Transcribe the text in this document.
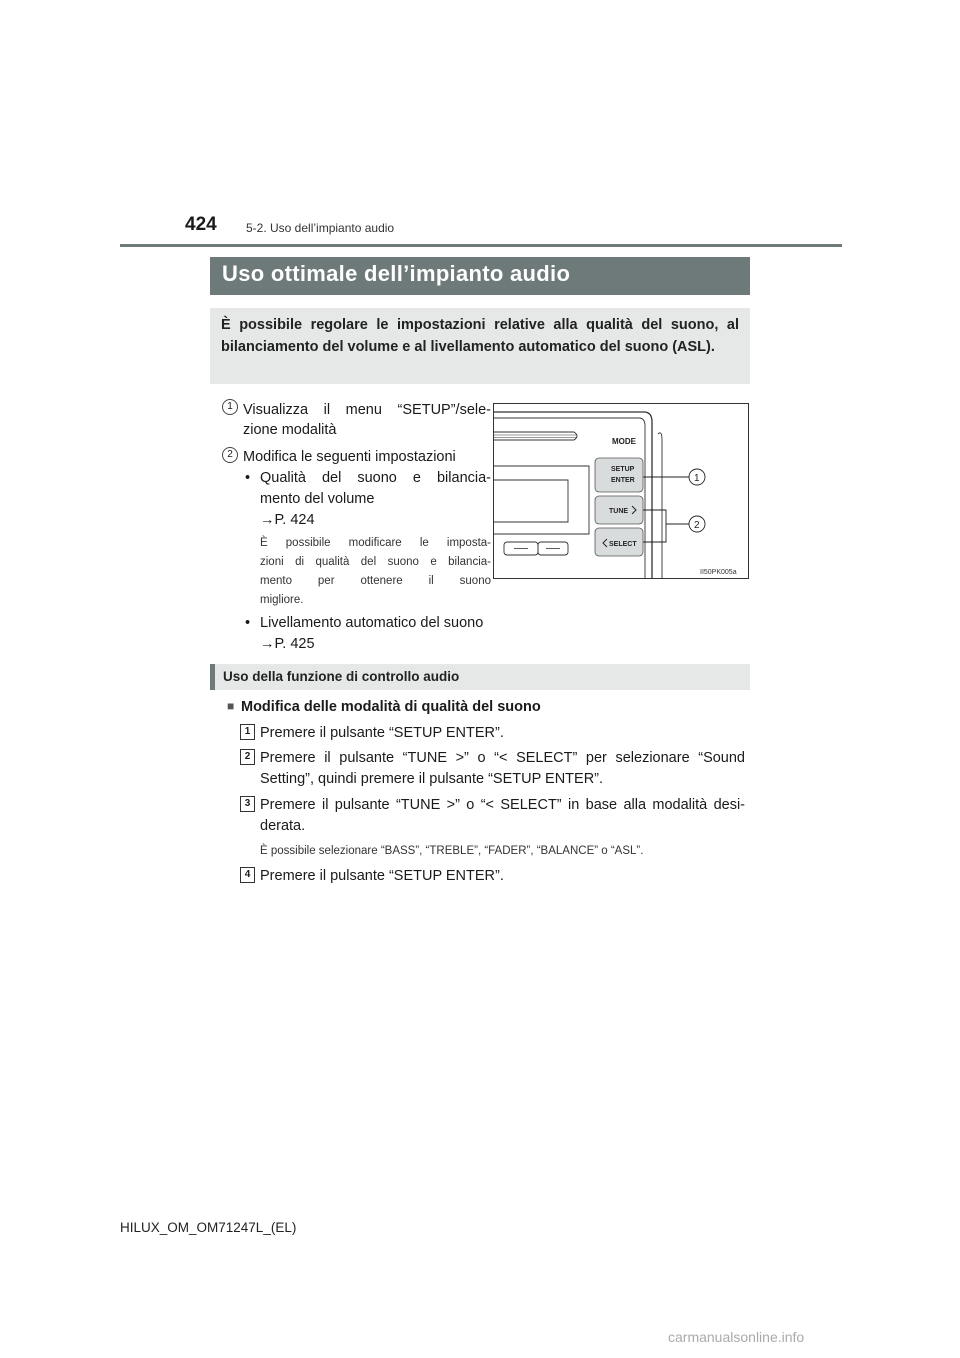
424 5-2. Uso dell’impianto audio
Uso ottimale dell’impianto audio
È possibile regolare le impostazioni relative alla qualità del suono, al bilanciamento del volume e al livellamento automatico del suono (ASL).
1 Visualizza il menu “SETUP”/sele-
zione modalità
2 Modifica le seguenti impostazioni
• Qualità del suono e bilancia-
mento del volume
→P. 424
È possibile modificare le imposta-
zioni di qualità del suono e bilancia-
mento per ottenere il suono
migliore.
• Livellamento automatico del suono
→P. 425
MODE
SETUP
ENTER
TUNE
SELECT
1
2
II50PK005a
Uso della funzione di controllo audio
■ Modifica delle modalità di qualità del suono
1 Premere il pulsante “SETUP ENTER”.
2 Premere il pulsante “TUNE >” o “< SELECT” per selezionare “Sound
Setting”, quindi premere il pulsante “SETUP ENTER”.
3 Premere il pulsante “TUNE >” o “< SELECT” in base alla modalità desi-
derata.
È possibile selezionare “BASS”, “TREBLE”, “FADER”, “BALANCE” o “ASL”.
4 Premere il pulsante “SETUP ENTER”.
HILUX_OM_OM71247L_(EL)
carmanualsonline.info
